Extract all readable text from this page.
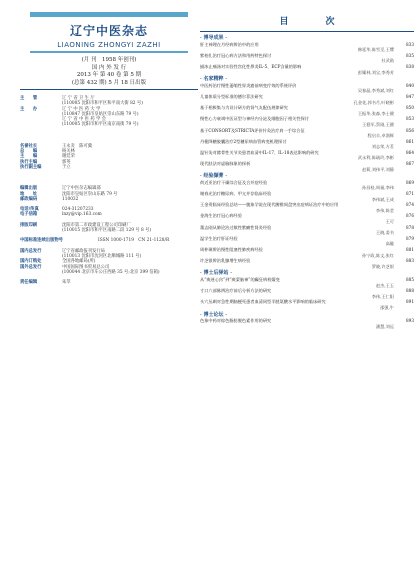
辽宁中医杂志
LIAONING ZHONGYI ZAZHI
(月 刊　1958 年创刊)
国 内 外 发 行
2013 年 第 40 卷 第 5 期
(总第 432 期) 5 月 18 日出版
主　　管	辽 宁 省 卫 生 厅
(110005 沈阳市和平区和平南大街 82 号)
主　　办	辽 宁 中 医 药 大 学
(110847 沈阳市皇姑区崇山东路 79 号)
辽 宁 省 中 医 药 学 会
(110005 沈阳市和平区南京南街 79 号)
名誉社长	王永炎　陈可冀
总　　编	杨关林
主　　编	谢廷荣
执行主编	郭英
执行副主编	于立
编辑出版	辽宁中医杂志编辑部
地　　址	沈阳市皇姑区崇山东路 79 号
邮政编码	110032
电话/传真	024-31207233
电子信箱	lnzy@vip.163.com
排版印刷	沈阳市第二市政建设工程公司印刷厂
(110015 沈阳市和平区南路二段 129 号 8 号)
中国标准连续出版物号	ISSN 1000-1719　CN 21-1128/R
国内总发行	辽宁省邮政报刊发行局
(110013 沈阳市沈河区北顺城路 111 号)
国内订购处	全国各地邮局(所)
国外总发行	中国国际图书贸易总公司
(100044 北京市车公庄西路 35 号;北京 399 信箱)
责任编辑	朱萃
目　次
· 博导成果 ·
肝主神理在月经病辨治中的应用	833
韩延华,陈雪至,王缨
紫柏扎治疗冠心病方法和用药特色探讨	835
杜武勋
描冰止痛汤对实验性宫化性鼻炎IL-5、ECP含量的影响	838
彭耀林,刘宝,李秀芳
· 名家精粹 ·
中医药治疗慢性萎缩性胃炎癌前病变疗效的系统评价	840
吴春晶,李秀斌,刘红
儿童体质分型标准的德尔菲法研究	847
孔金花,郭书月,叶晓彬
基于相极集与为设计研方的肾气丸配伍规律研究	850
王振华,张森,李士健
慢性心力衰竭中医证型与神经内分泌及细胞因子相关性探讨	853
王稳军,蔡刚,王健
基于CONSORT及STRICTA评价针灸治疗肩一手综合征	856
程启丰,卓润辉
丹桅降糖胶囊治疗2型糖尿病血管病变机理探讨	861
刘志荣,方茗
温针灸对膝骨性关节炎患者血清中IL-17、IL-18表达影响的研究	864
武永利,陈琉玲,李彬
现代肤法对虚脑脉象的探析	867
赵莉,刘伟平,刘静
· 经验撷菁 ·
荷近亚治疗干燥综合征及合并症经验	869
孙昌桂,周福,李伟
谢春光治疗糖尿病、甲亢并存临床经验	871
李伟斌,王成
王金贵临床经验总结——腹象学说在现代腰椎间盘突出症病证治疗中的应用	874
李伟,陈莹
金海生治疗冠心病经验	876
王可
董志刚从肺论治过敏性紫癜性肾炎经验	878
王晓,姜书
温学生治疗肝证经验	879
高璇
周仲瑛辨治慢性阻塞性肺疾病经验	881
孙宁政,陈文,张红
许芝银辨治乳腺增生病经验	883
罗晓,许芝银
· 博士后驿站 ·
从“痰迷心窍”到“痰蒙脑神”的癫狂病机嬗变	885
赵杰,王玉
寸口六部脉辨治疗前后分析方法的研究	888
李伟,王仁阳
头穴丛刺对急性期脑梗死患者血清同型半胱氨酸水平影响的临床研究	891
邵强,牛
· 博士论坛 ·
色象中药对棕色脂肪脱色素作用的研究	893
潘慧,刘远
